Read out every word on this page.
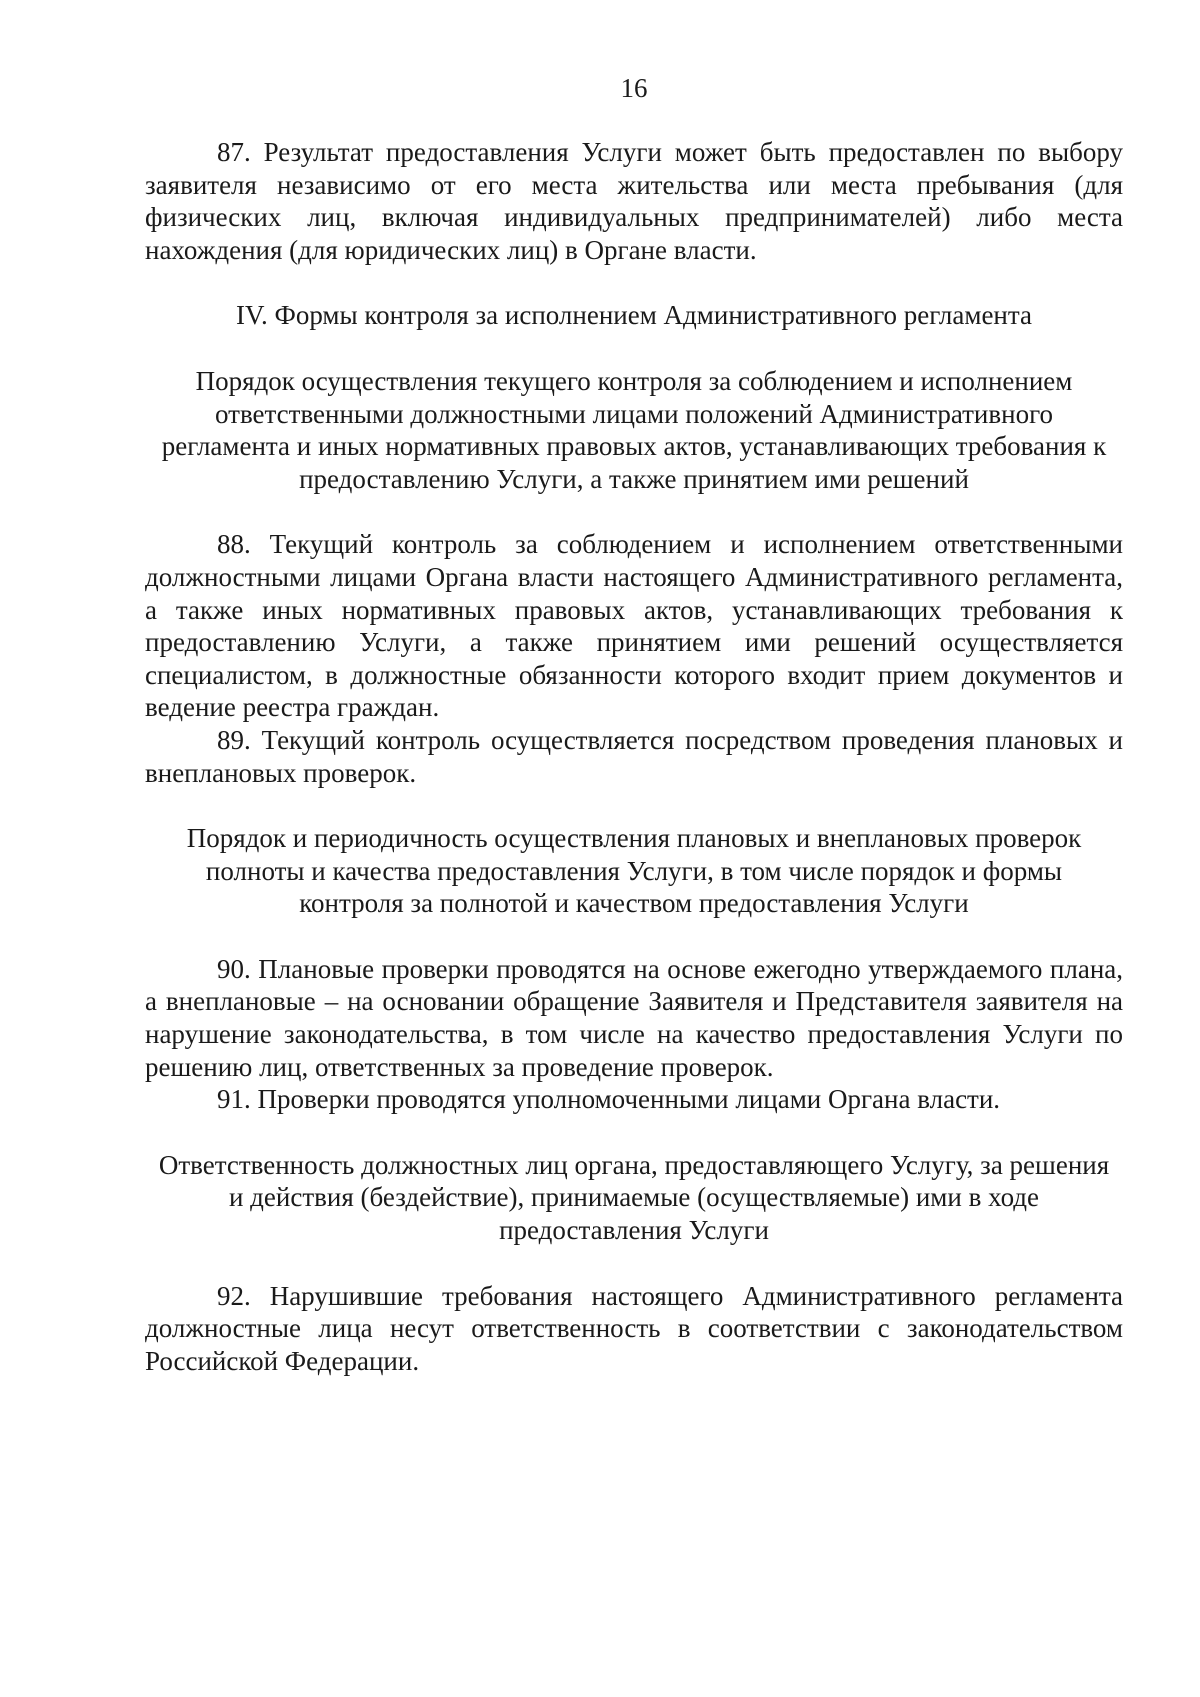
16

87. Результат предоставления Услуги может быть предоставлен по выбору заявителя независимо от его места жительства или места пребывания (для физических лиц, включая индивидуальных предпринимателей) либо места нахождения (для юридических лиц) в Органе власти.

IV. Формы контроля за исполнением Административного регламента

Порядок осуществления текущего контроля за соблюдением и исполнением ответственными должностными лицами положений Административного регламента и иных нормативных правовых актов, устанавливающих требования к предоставлению Услуги, а также принятием ими решений

88. Текущий контроль за соблюдением и исполнением ответственными должностными лицами Органа власти настоящего Административного регламента, а также иных нормативных правовых актов, устанавливающих требования к предоставлению Услуги, а также принятием ими решений осуществляется специалистом, в должностные обязанности которого входит прием документов и ведение реестра граждан.

89. Текущий контроль осуществляется посредством проведения плановых и внеплановых проверок.

Порядок и периодичность осуществления плановых и внеплановых проверок полноты и качества предоставления Услуги, в том числе порядок и формы контроля за полнотой и качеством предоставления Услуги

90. Плановые проверки проводятся на основе ежегодно утверждаемого плана, а внеплановые – на основании обращение Заявителя и Представителя заявителя на нарушение законодательства, в том числе на качество предоставления Услуги по решению лиц, ответственных за проведение проверок.

91. Проверки проводятся уполномоченными лицами Органа власти.

Ответственность должностных лиц органа, предоставляющего Услугу, за решения и действия (бездействие), принимаемые (осуществляемые) ими в ходе предоставления Услуги

92. Нарушившие требования настоящего Административного регламента должностные лица несут ответственность в соответствии с законодательством Российской Федерации.
